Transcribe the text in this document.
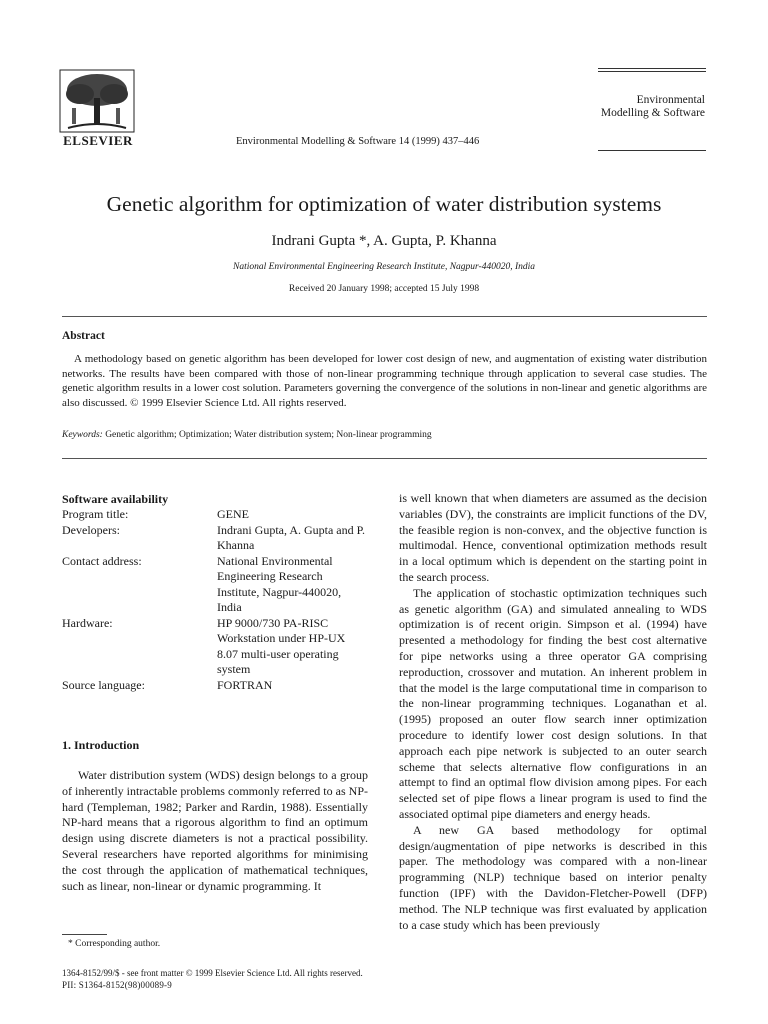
ELSEVIER	Environmental Modelling & Software 14 (1999) 437–446
Environmental
Modelling & Software
Genetic algorithm for optimization of water distribution systems
Indrani Gupta *, A. Gupta, P. Khanna
National Environmental Engineering Research Institute, Nagpur-440020, India
Received 20 January 1998; accepted 15 July 1998
Abstract
A methodology based on genetic algorithm has been developed for lower cost design of new, and augmentation of existing water distribution networks. The results have been compared with those of non-linear programming technique through application to several case studies. The genetic algorithm results in a lower cost solution. Parameters governing the convergence of the solutions in non-linear and genetic algorithms are also discussed. © 1999 Elsevier Science Ltd. All rights reserved.
Keywords: Genetic algorithm; Optimization; Water distribution system; Non-linear programming
Software availability
Program title:	GENE
Developers:	Indrani Gupta, A. Gupta and P. Khanna
Contact address:	National Environmental Engineering Research Institute, Nagpur-440020, India
Hardware:	HP 9000/730 PA-RISC Workstation under HP-UX 8.07 multi-user operating system
Source language:	FORTRAN
1. Introduction
Water distribution system (WDS) design belongs to a group of inherently intractable problems commonly referred to as NP-hard (Templeman, 1982; Parker and Rardin, 1988). Essentially NP-hard means that a rigorous algorithm to find an optimum design using discrete diameters is not a practical possibility. Several researchers have reported algorithms for minimising the cost through the application of mathematical techniques, such as linear, non-linear or dynamic programming. It

is well known that when diameters are assumed as the decision variables (DV), the constraints are implicit functions of the DV, the feasible region is non-convex, and the objective function is multimodal. Hence, conventional optimization methods result in a local optimum which is dependent on the starting point in the search process.

The application of stochastic optimization techniques such as genetic algorithm (GA) and simulated annealing to WDS optimization is of recent origin. Simpson et al. (1994) have presented a methodology for finding the best cost alternative for pipe networks using a three operator GA comprising reproduction, crossover and mutation. An inherent problem in that the model is the large computational time in comparison to the non-linear programming techniques. Loganathan et al. (1995) proposed an outer flow search inner optimization procedure to identify lower cost design solutions. In that approach each pipe network is subjected to an outer search scheme that selects alternative flow configurations in an attempt to find an optimal flow division among pipes. For each selected set of pipe flows a linear program is used to find the associated optimal pipe diameters and energy heads.

A new GA based methodology for optimal design/augmentation of pipe networks is described in this paper. The methodology was compared with a non-linear programming (NLP) technique based on interior penalty function (IPF) with the Davidon-Fletcher-Powell (DFP) method. The NLP technique was first evaluated by application to a case study which has been previously

* Corresponding author.
1364-8152/99/$ - see front matter © 1999 Elsevier Science Ltd. All rights reserved.
PII: S1364-8152(98)00089-9
